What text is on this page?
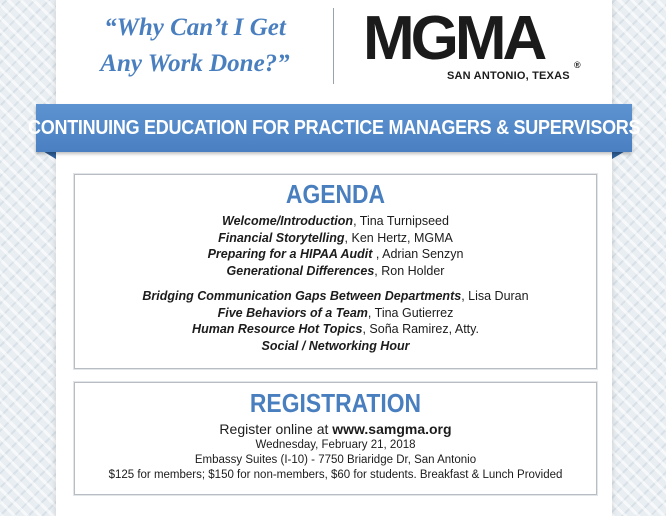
“Why Can’t I Get
Any Work Done?”	MGMA	®
SAN ANTONIO, TEXAS
CONTINUING EDUCATION FOR PRACTICE MANAGERS & SUPERVISORS
AGENDA
Welcome/Introduction, Tina Turnipseed
Financial Storytelling, Ken Hertz, MGMA
Preparing for a HIPAA Audit , Adrian Senzyn
Generational Differences, Ron Holder
Bridging Communication Gaps Between Departments, Lisa Duran
Five Behaviors of a Team, Tina Gutierrez
Human Resource Hot Topics, Soña Ramirez, Atty.
Social / Networking Hour
REGISTRATION
Register online at www.samgma.org
Wednesday, February 21, 2018
Embassy Suites (I-10) - 7750 Briaridge Dr, San Antonio
$125 for members; $150 for non-members, $60 for students. Breakfast & Lunch Provided
